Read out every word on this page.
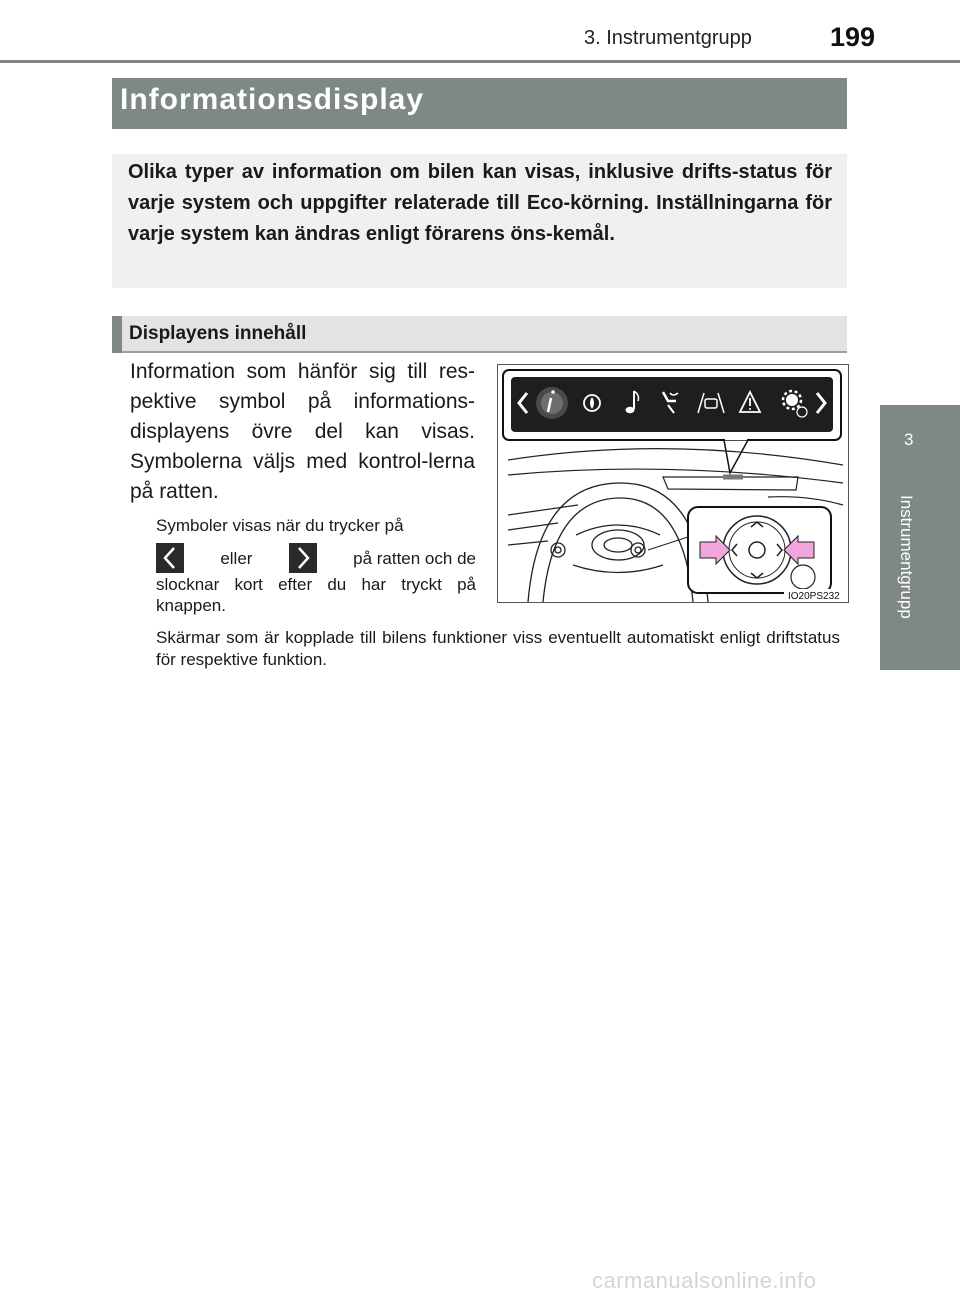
3. Instrumentgrupp	199
Informationsdisplay
Olika typer av information om bilen kan visas, inklusive drifts-status för varje system och uppgifter relaterade till Eco-körning. Inställningarna för varje system kan ändras enligt förarens öns-kemål.
Displayens innehåll
Information som hänför sig till res-pektive symbol på informations-displayens övre del kan visas. Symbolerna väljs med kontrol-lerna på ratten.
Symboler visas när du trycker på
eller	på ratten och de
slocknar kort efter du har tryckt på knappen.
Skärmar som är kopplade till bilens funktioner viss eventuellt automatiskt enligt driftstatus för respektive funktion.
IO20PS232
3
Instrumentgrupp
carmanualsonline.info
